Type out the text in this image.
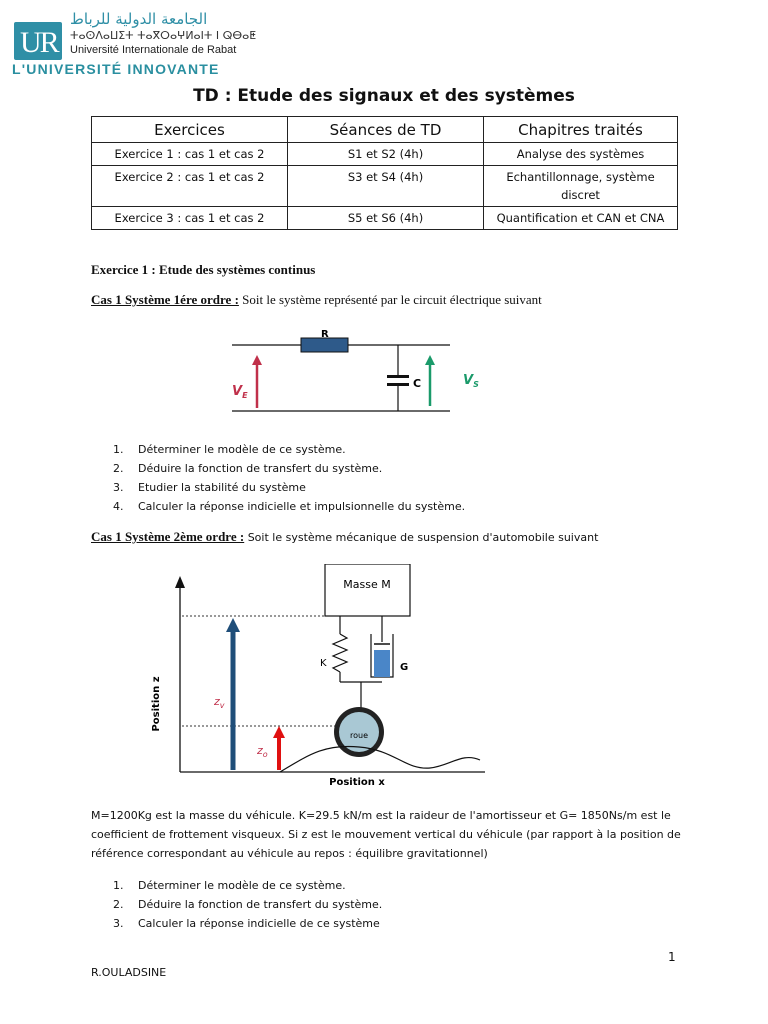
UR
الجامعة الدولية للرباط
ⵜⴰⵙⴷⴰⵡⵉⵜ ⵜⴰⴳⵔⴰⵖⵍⴰⵏⵜ ⵏ ⵕⴱⴰⵟ
Université Internationale de Rabat
L'UNIVERSITÉ INNOVANTE
TD : Etude des signaux et des systèmes
Exercices	Séances de TD	Chapitres traités
Exercice 1 : cas 1 et cas 2	S1 et S2 (4h)	Analyse des systèmes
Exercice 2 : cas 1 et cas 2	S3 et S4 (4h)	Echantillonnage, système discret
Exercice 3 : cas 1 et cas 2	S5 et S6 (4h)	Quantification et CAN et CNA
Exercice 1 : Etude des systèmes continus
Cas 1 Système 1ére ordre : Soit le système représenté par le circuit électrique suivant
R
C
$V_E$
$V_S$
1. Déterminer le modèle de ce système.
2. Déduire la fonction de transfert du système.
3. Etudier la stabilité du système
4. Calculer la réponse indicielle et impulsionnelle du système.
Cas 1 Système 2ème ordre : Soit le système mécanique de suspension d'automobile suivant
Position z
Position x
Masse M
K	G
roue
$z_v$
$z_o$
M=1200Kg est la masse du véhicule. K=29.5 kN/m est la raideur de l'amortisseur et G= 1850Ns/m est le coefficient de frottement visqueux. Si z est le mouvement vertical du véhicule (par rapport à la position de référence correspondant au véhicule au repos : équilibre gravitationnel)
1. Déterminer le modèle de ce système.
2. Déduire la fonction de transfert du système.
3. Calculer la réponse indicielle de ce système
1
R.OULADSINE
